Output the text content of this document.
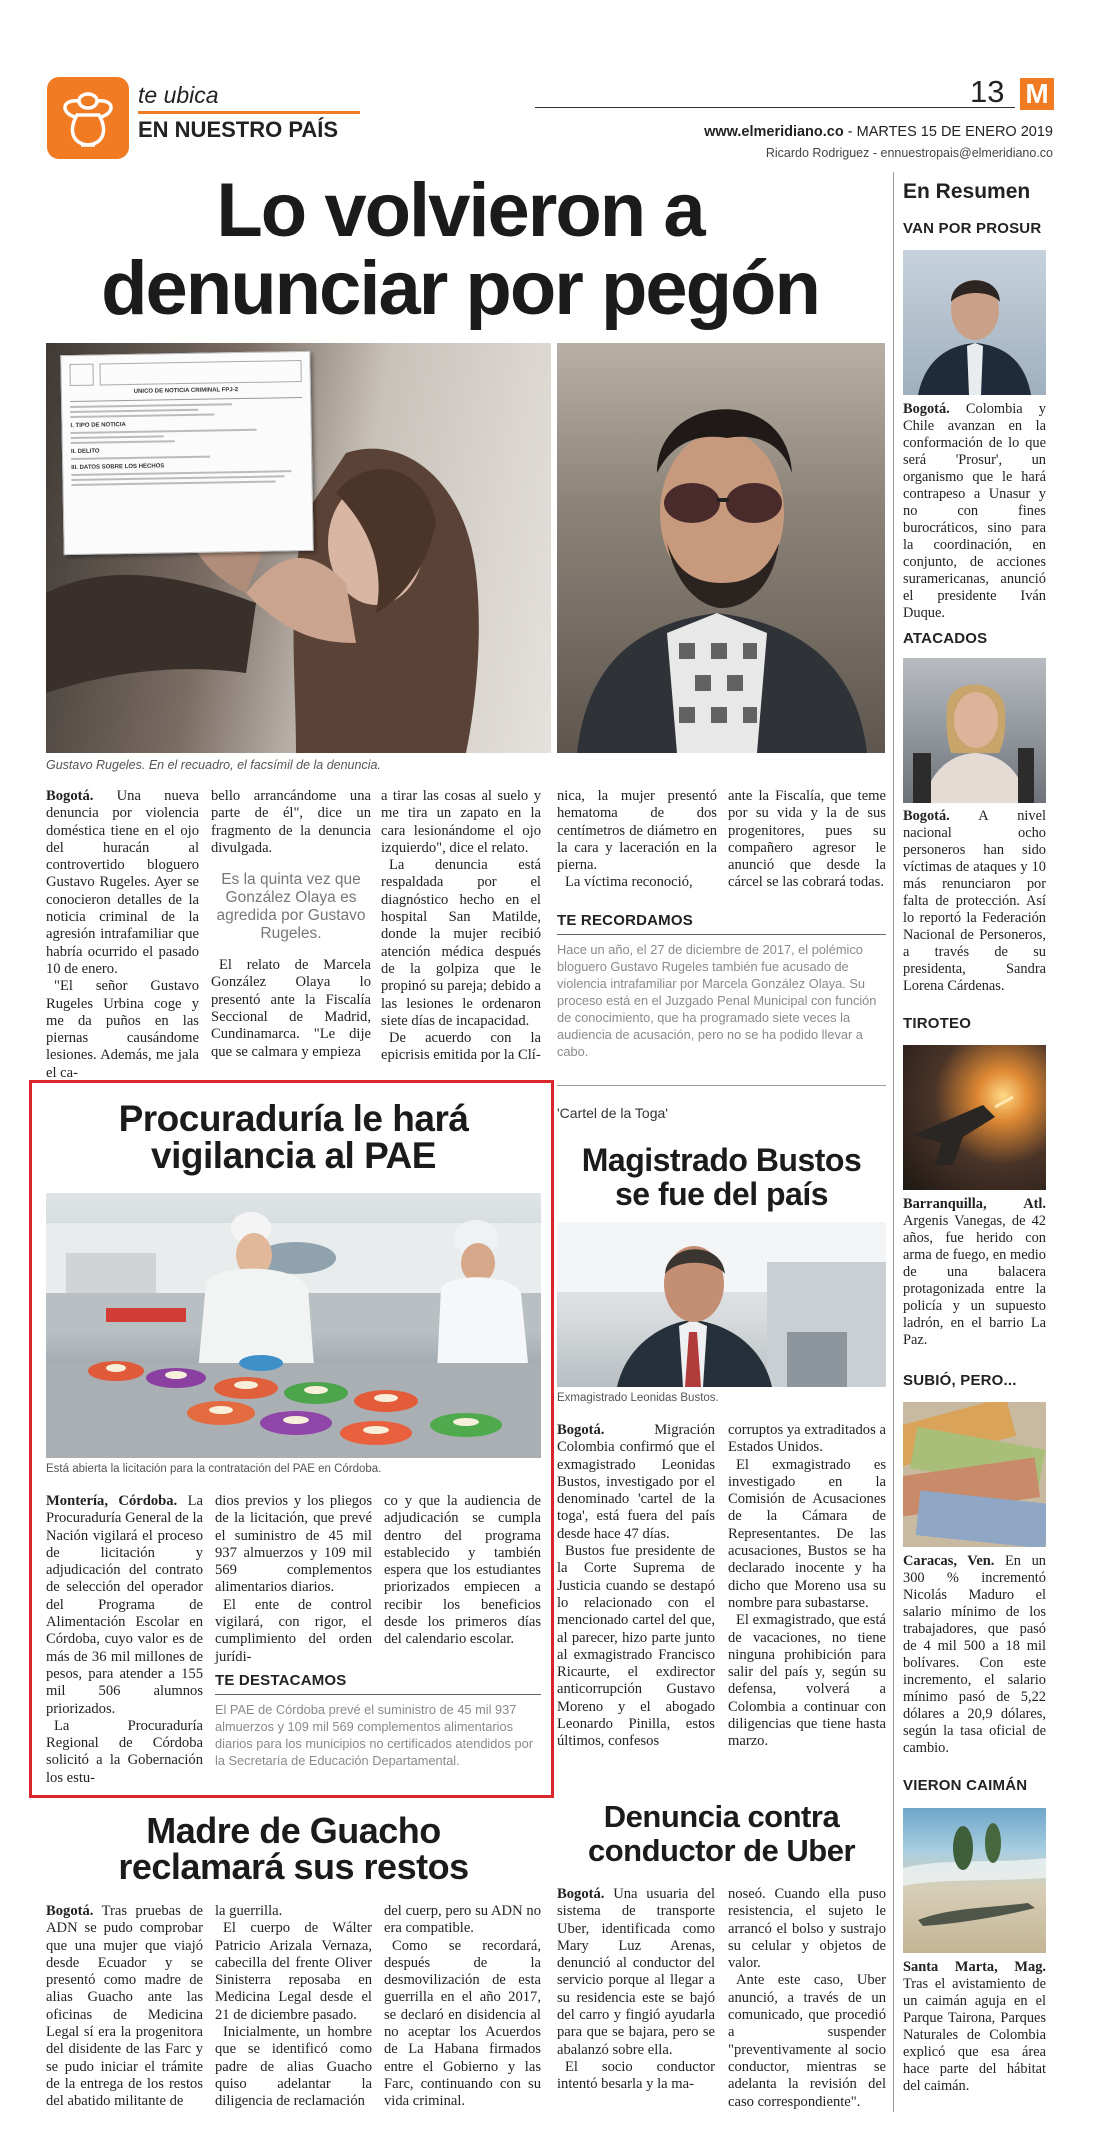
te ubica
EN NUESTRO PAÍS
13 M
www.elmeridiano.co - MARTES 15 DE ENERO 2019
Ricardo Rodriguez - ennuestropais@elmeridiano.co
Lo volvieron a
denunciar por pegón
UNICO DE NOTICIA CRIMINAL FPJ-2
I. TIPO DE NOTICIA
II. DELITO
III. DATOS SOBRE LOS HECHOS
Gustavo Rugeles. En el recuadro, el facsímil de la denuncia.

Bogotá. Una nueva denuncia por violencia doméstica tiene en el ojo del huracán al controvertido bloguero Gustavo Rugeles. Ayer se conocieron detalles de la noticia criminal de la agresión intrafamiliar que habría ocurrido el pasado 10 de enero.

"El señor Gustavo Rugeles Urbina coge y me da puños en las piernas causándome lesiones. Además, me jala el ca-

bello arrancándome una parte de él", dice un fragmento de la denuncia divulgada.

Es la quinta vez que González Olaya es agredida por Gustavo Rugeles.

El relato de Marcela González Olaya lo presentó ante la Fiscalía Seccional de Madrid, Cundinamarca. "Le dije que se calmara y empieza

a tirar las cosas al suelo y me tira un zapato en la cara lesionándome el ojo izquierdo", dice el relato.

La denuncia está respaldada por el diagnóstico hecho en el hospital San Matilde, donde la mujer recibió atención médica después de la golpiza que le propinó su pareja; debido a las lesiones le ordenaron siete días de incapacidad.

De acuerdo con la epicrisis emitida por la Clí-

nica, la mujer presentó hematoma de dos centímetros de diámetro en la cara y laceración en la pierna.

La víctima reconoció,

ante la Fiscalía, que teme por su vida y la de sus progenitores, pues su compañero agresor le anunció que desde la cárcel se las cobrará todas.

TE RECORDAMOS
Hace un año, el 27 de diciembre de 2017, el polémico bloguero Gustavo Rugeles también fue acusado de violencia intrafamiliar por Marcela González Olaya. Su proceso está en el Juzgado Penal Municipal con función de conocimiento, que ha programado siete veces la audiencia de acusación, pero no se ha podido llevar a cabo.
Procuraduría le hará
vigilancia al PAE
Está abierta la licitación para la contratación del PAE en Córdoba.

Montería, Córdoba. La Procuraduría General de la Nación vigilará el proceso de licitación y adjudicación del contrato de selección del operador del Programa de Alimentación Escolar en Córdoba, cuyo valor es de más de 36 mil millones de pesos, para atender a 155 mil 506 alumnos priorizados.

La Procuraduría Regional de Córdoba solicitó a la Gobernación los estu-

dios previos y los pliegos de la licitación, que prevé el suministro de 45 mil 937 almuerzos y 109 mil 569 complementos alimentarios diarios.

El ente de control vigilará, con rigor, el cumplimiento del orden jurídi-

co y que la audiencia de adjudicación se cumpla dentro del programa establecido y también espera que los estudiantes priorizados empiecen a recibir los beneficios desde los primeros días del calendario escolar.

TE DESTACAMOS
El PAE de Córdoba prevé el suministro de 45 mil 937 almuerzos y 109 mil 569 complementos alimentarios diarios para los municipios no certificados atendidos por la Secretaría de Educación Departamental.
'Cartel de la Toga'
Magistrado Bustos
se fue del país
Exmagistrado Leonidas Bustos.

Bogotá. Migración Colombia confirmó que el exmagistrado Leonidas Bustos, investigado por el denominado 'cartel de la toga', está fuera del país desde hace 47 días.

Bustos fue presidente de la Corte Suprema de Justicia cuando se destapó lo relacionado con el mencionado cartel del que, al parecer, hizo parte junto al exmagistrado Francisco Ricaurte, el exdirector anticorrupción Gustavo Moreno y el abogado Leonardo Pinilla, estos últimos, confesos

corruptos ya extraditados a Estados Unidos.

El exmagistrado es investigado en la Comisión de Acusaciones de la Cámara de Representantes. De las acusaciones, Bustos se ha declarado inocente y ha dicho que Moreno usa su nombre para subastarse.

El exmagistrado, que está de vacaciones, no tiene ninguna prohibición para salir del país y, según su defensa, volverá a Colombia a continuar con diligencias que tiene hasta marzo.

Madre de Guacho
reclamará sus restos

Bogotá. Tras pruebas de ADN se pudo comprobar que una mujer que viajó desde Ecuador y se presentó como madre de alias Guacho ante las oficinas de Medicina Legal sí era la progenitora del disidente de las Farc y se pudo iniciar el trámite de la entrega de los restos del abatido militante de

la guerrilla.

El cuerpo de Wálter Patricio Arizala Vernaza, cabecilla del frente Oliver Sinisterra reposaba en Medicina Legal desde el 21 de diciembre pasado.

Inicialmente, un hombre que se identificó como padre de alias Guacho quiso adelantar la diligencia de reclamación

del cuerp, pero su ADN no era compatible.

Como se recordará, después de la desmovilización de esta guerrilla en el año 2017, se declaró en disidencia al no aceptar los Acuerdos de La Habana firmados entre el Gobierno y las Farc, continuando con su vida criminal.

Denuncia contra
conductor de Uber

Bogotá. Una usuaria del sistema de transporte Uber, identificada como Mary Luz Arenas, denunció al conductor del servicio porque al llegar a su residencia este se bajó del carro y fingió ayudarla para que se bajara, pero se abalanzó sobre ella.

El socio conductor intentó besarla y la ma-

noseó. Cuando ella puso resistencia, el sujeto le arrancó el bolso y sustrajo su celular y objetos de valor.

Ante este caso, Uber anunció, a través de un comunicado, que procedió a suspender "preventivamente al socio conductor, mientras se adelanta la revisión del caso correspondiente".

En Resumen
VAN POR PROSUR
Bogotá. Colombia y Chile avanzan en la conformación de lo que será 'Prosur', un organismo que le hará contrapeso a Unasur y no con fines burocráticos, sino para la coordinación, en conjunto, de acciones suramericanas, anunció el presidente Iván Duque.
ATACADOS
Bogotá. A nivel nacional ocho personeros han sido víctimas de ataques y 10 más renunciaron por falta de protección. Así lo reportó la Federación Nacional de Personeros, a través de su presidenta, Sandra Lorena Cárdenas.
TIROTEO
Barranquilla, Atl. Argenis Vanegas, de 42 años, fue herido con arma de fuego, en medio de una balacera protagonizada entre la policía y un supuesto ladrón, en el barrio La Paz.
SUBIÓ, PERO...
Caracas, Ven. En un 300 % incrementó Nicolás Maduro el salario mínimo de los trabajadores, que pasó de 4 mil 500 a 18 mil bolívares. Con este incremento, el salario mínimo pasó de 5,22 dólares a 20,9 dólares, según la tasa oficial de cambio.
VIERON CAIMÁN
Santa Marta, Mag. Tras el avistamiento de un caimán aguja en el Parque Tairona, Parques Naturales de Colombia explicó que esa área hace parte del hábitat del caimán.
